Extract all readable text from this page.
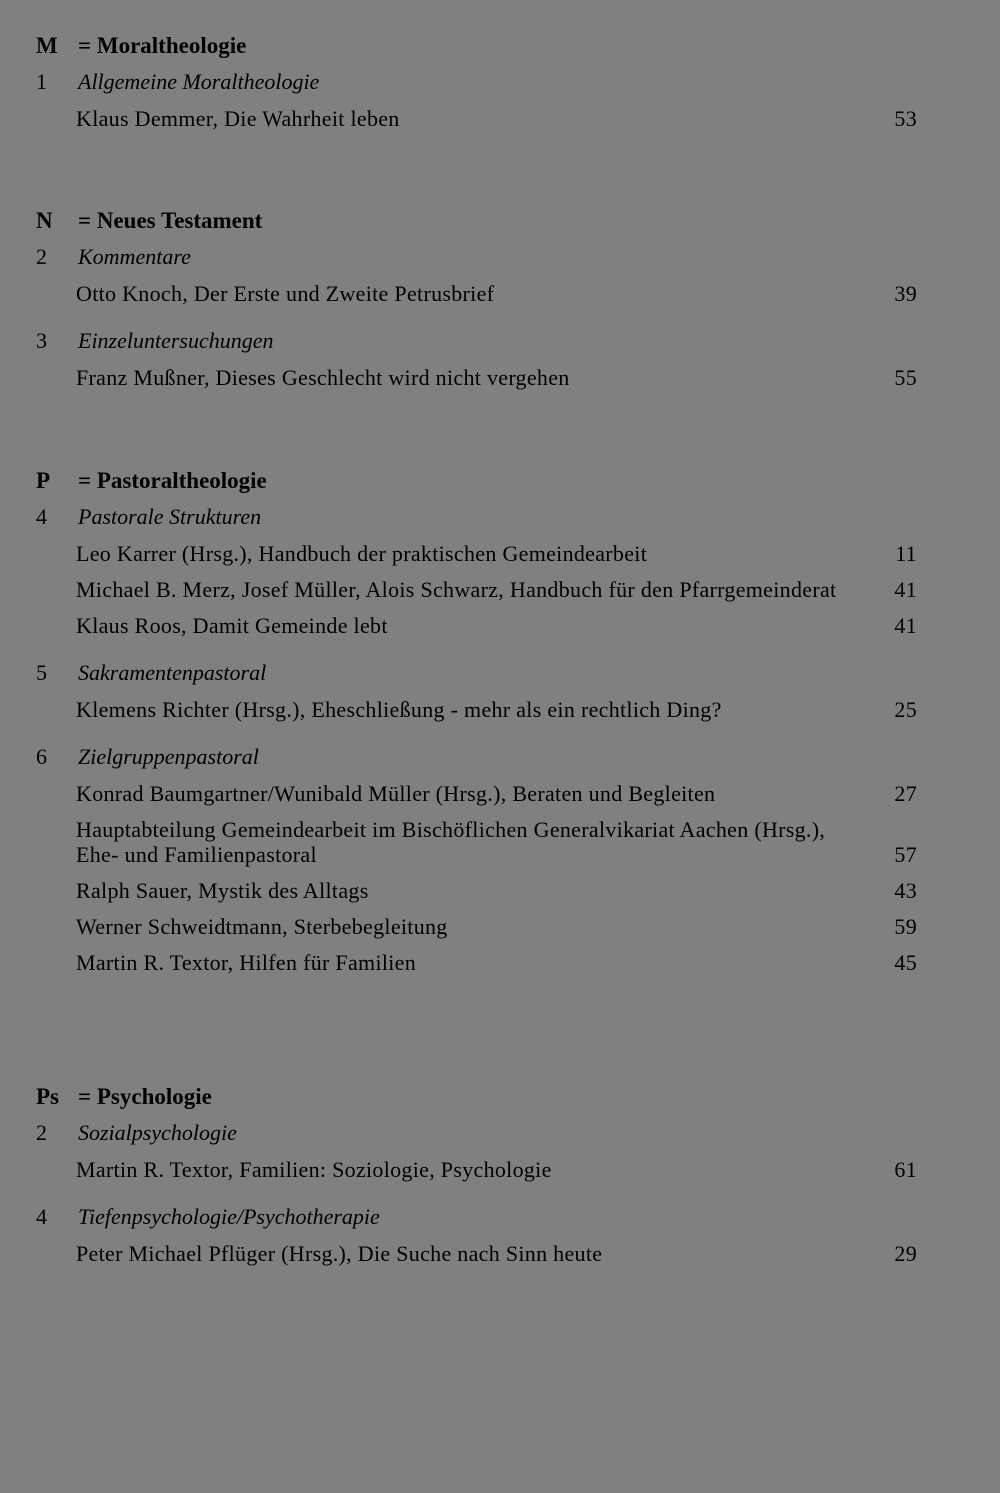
M = Moraltheologie
1 Allgemeine Moraltheologie
Klaus Demmer, Die Wahrheit leben	53
N = Neues Testament
2 Kommentare
Otto Knoch, Der Erste und Zweite Petrusbrief	39
3 Einzeluntersuchungen
Franz Mußner, Dieses Geschlecht wird nicht vergehen	55
P = Pastoraltheologie
4 Pastorale Strukturen
Leo Karrer (Hrsg.), Handbuch der praktischen Gemeindearbeit	11
Michael B. Merz, Josef Müller, Alois Schwarz, Handbuch für den Pfarrgemeinderat	41
Klaus Roos, Damit Gemeinde lebt	41
5 Sakramentenpastoral
Klemens Richter (Hrsg.), Eheschließung - mehr als ein rechtlich Ding?	25
6 Zielgruppenpastoral
Konrad Baumgartner/Wunibald Müller (Hrsg.), Beraten und Begleiten	27
Hauptabteilung Gemeindearbeit im Bischöflichen Generalvikariat Aachen (Hrsg.), Ehe- und Familienpastoral	57
Ralph Sauer, Mystik des Alltags	43
Werner Schweidtmann, Sterbebegleitung	59
Martin R. Textor, Hilfen für Familien	45
Ps = Psychologie
2 Sozialpsychologie
Martin R. Textor, Familien: Soziologie, Psychologie	61
4 Tiefenpsychologie/Psychotherapie
Peter Michael Pflüger (Hrsg.), Die Suche nach Sinn heute	29
